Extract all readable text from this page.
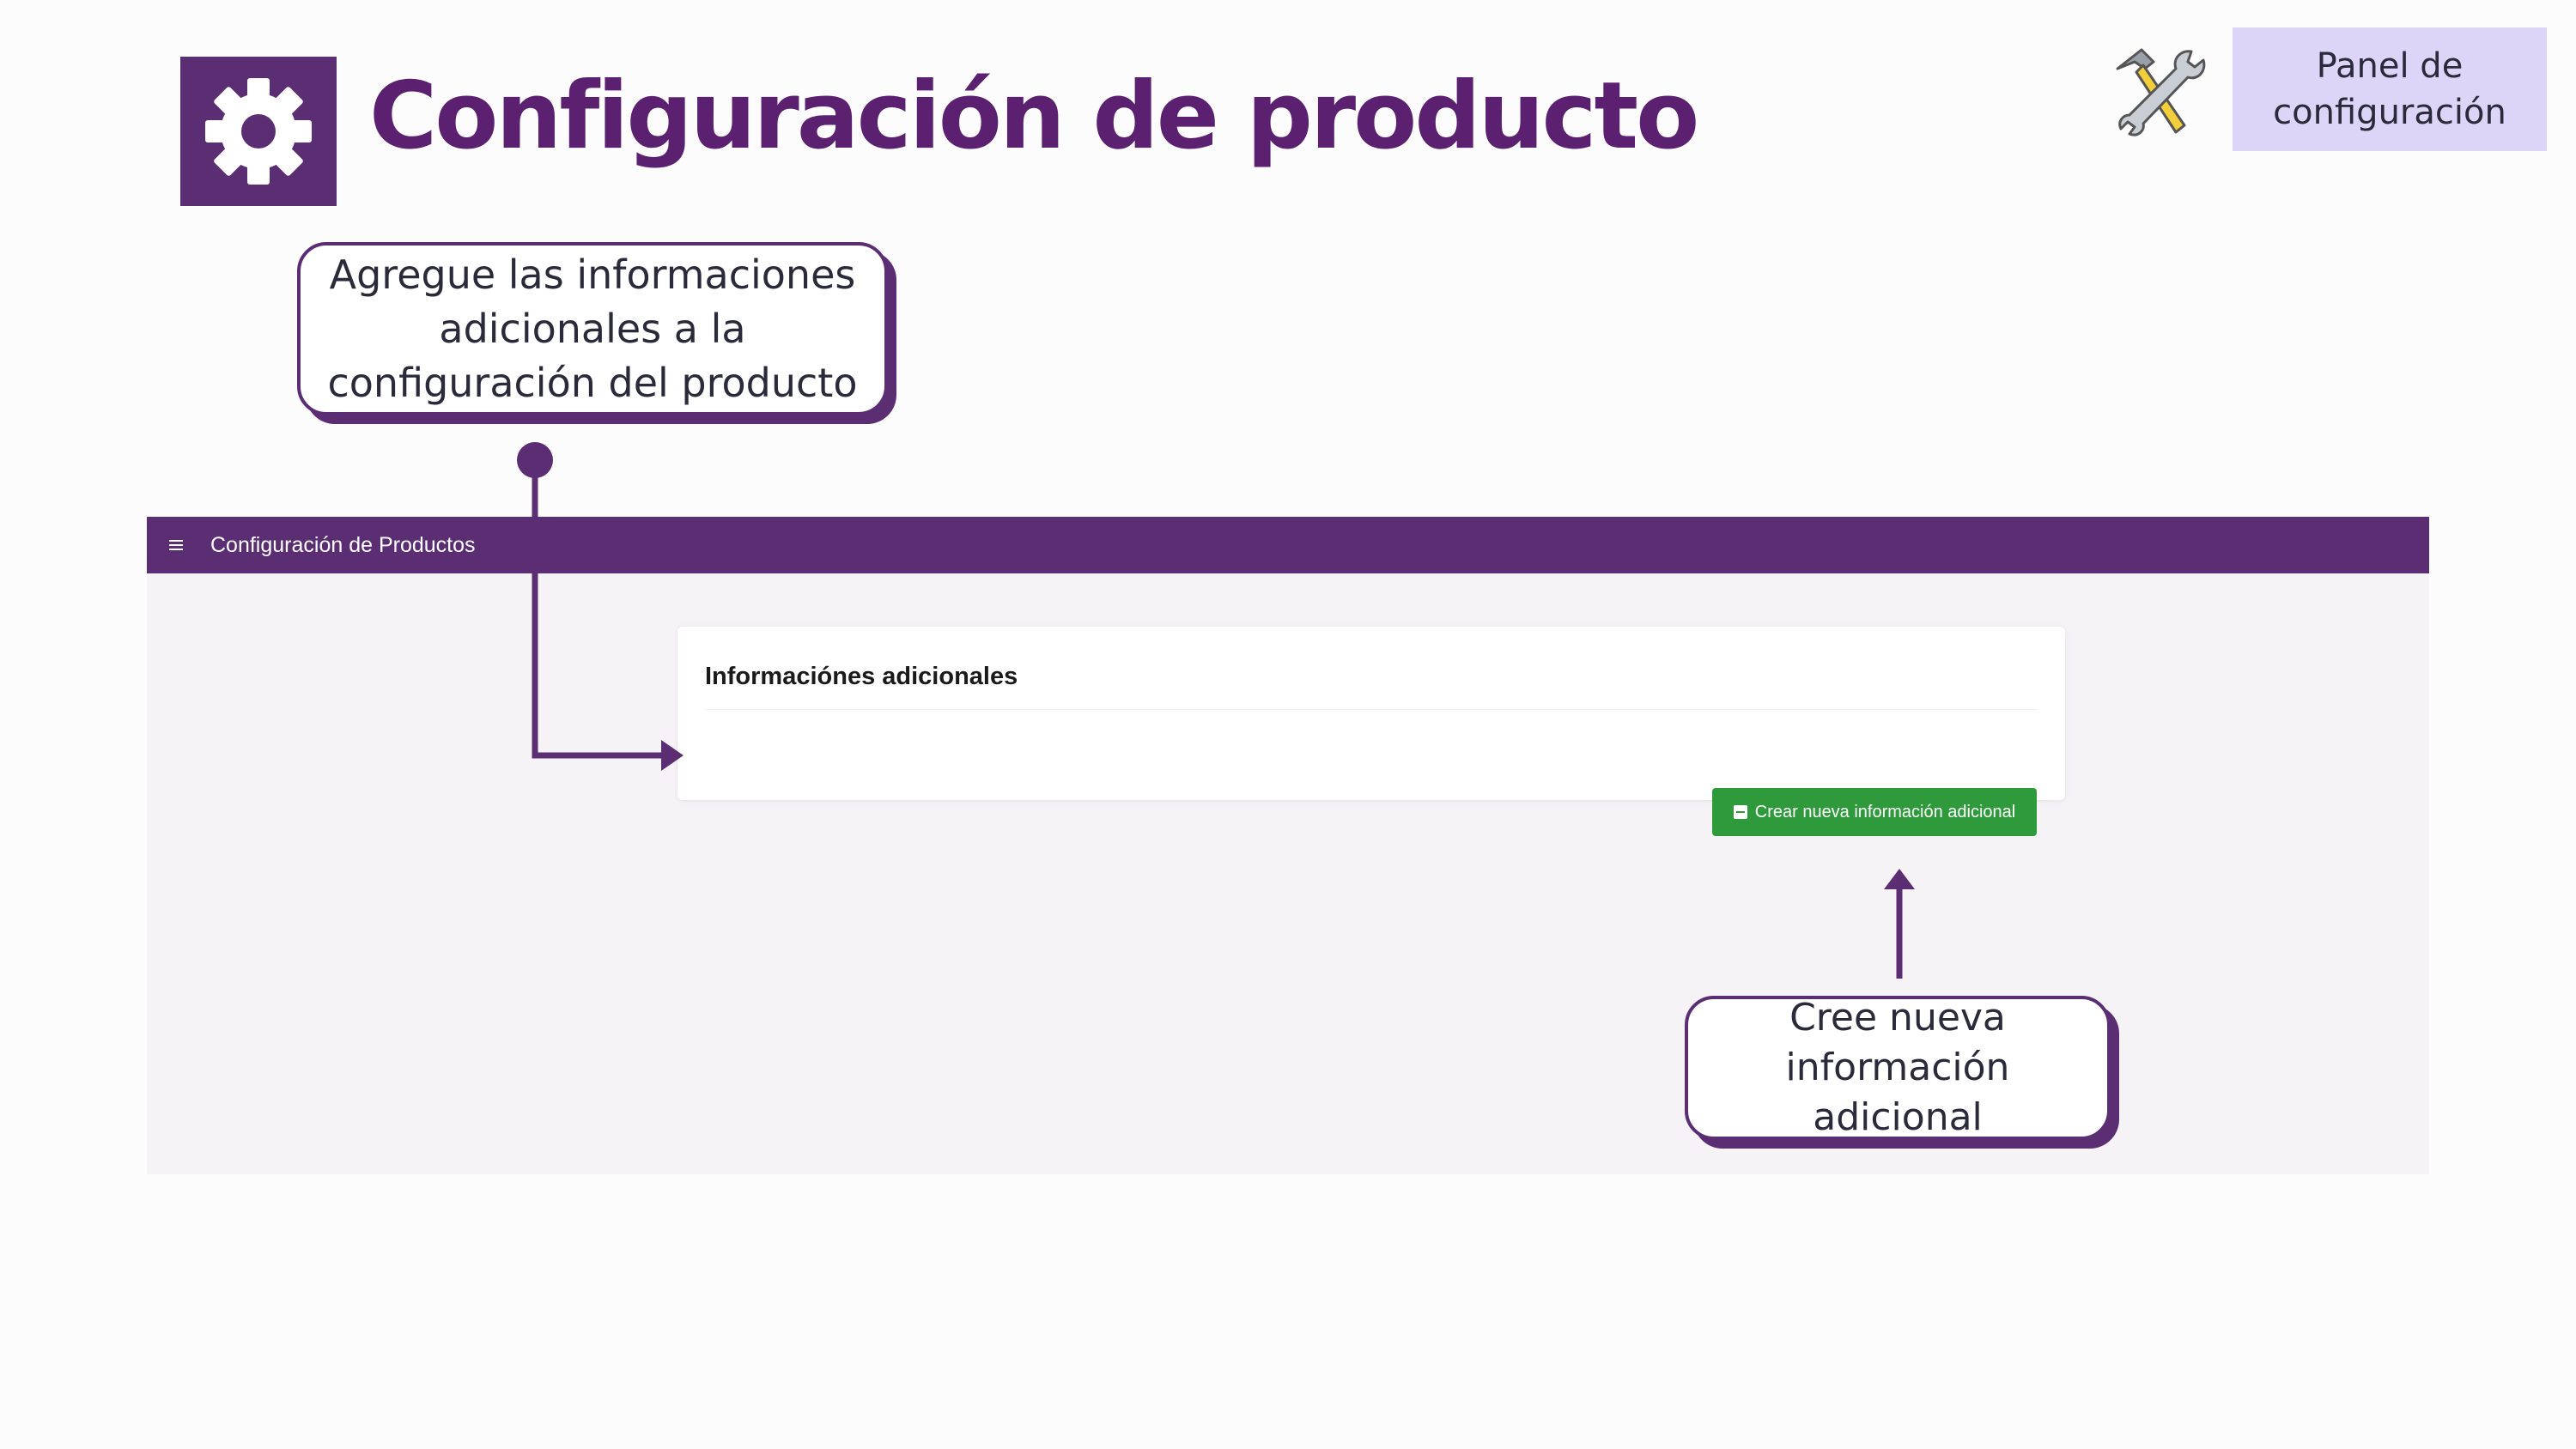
Configuración de producto	Panel de
configuración
Agregue las informaciones
adicionales a la
configuración del producto
Configuración de Productos
Informaciónes adicionales
Crear nueva información adicional
Cree nueva
información adicional
